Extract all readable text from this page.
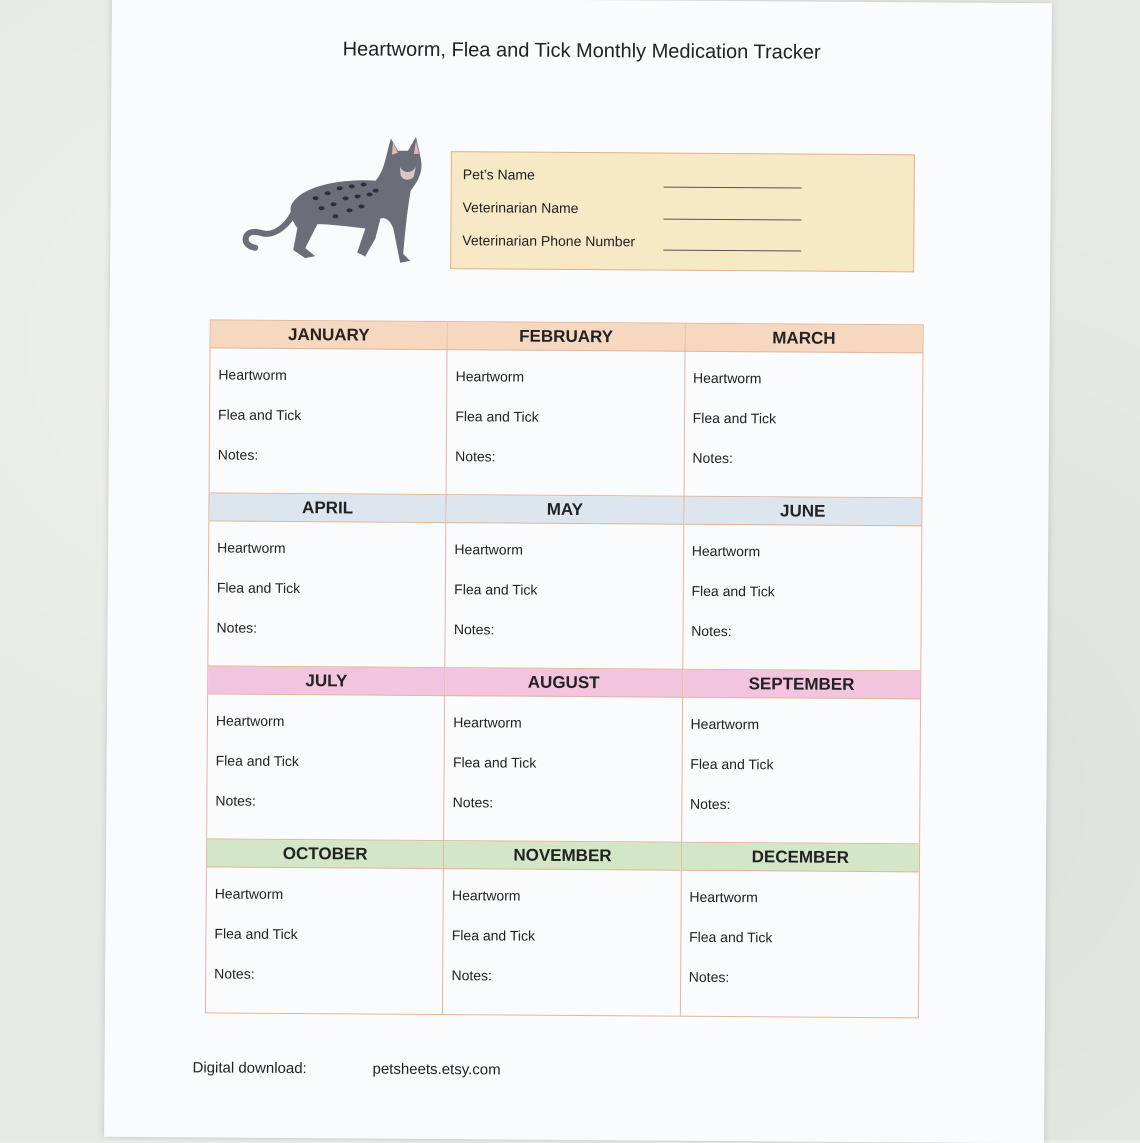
Heartworm, Flea and Tick Monthly Medication Tracker
Pet’s Name
Veterinarian Name
Veterinarian Phone Number
JANUARY
Heartworm
Flea and Tick
Notes:
FEBRUARY
Heartworm
Flea and Tick
Notes:
MARCH
Heartworm
Flea and Tick
Notes:
APRIL
Heartworm
Flea and Tick
Notes:
MAY
Heartworm
Flea and Tick
Notes:
JUNE
Heartworm
Flea and Tick
Notes:
JULY
Heartworm
Flea and Tick
Notes:
AUGUST
Heartworm
Flea and Tick
Notes:
SEPTEMBER
Heartworm
Flea and Tick
Notes:
OCTOBER
Heartworm
Flea and Tick
Notes:
NOVEMBER
Heartworm
Flea and Tick
Notes:
DECEMBER
Heartworm
Flea and Tick
Notes:
Digital download:	petsheets.etsy.com
